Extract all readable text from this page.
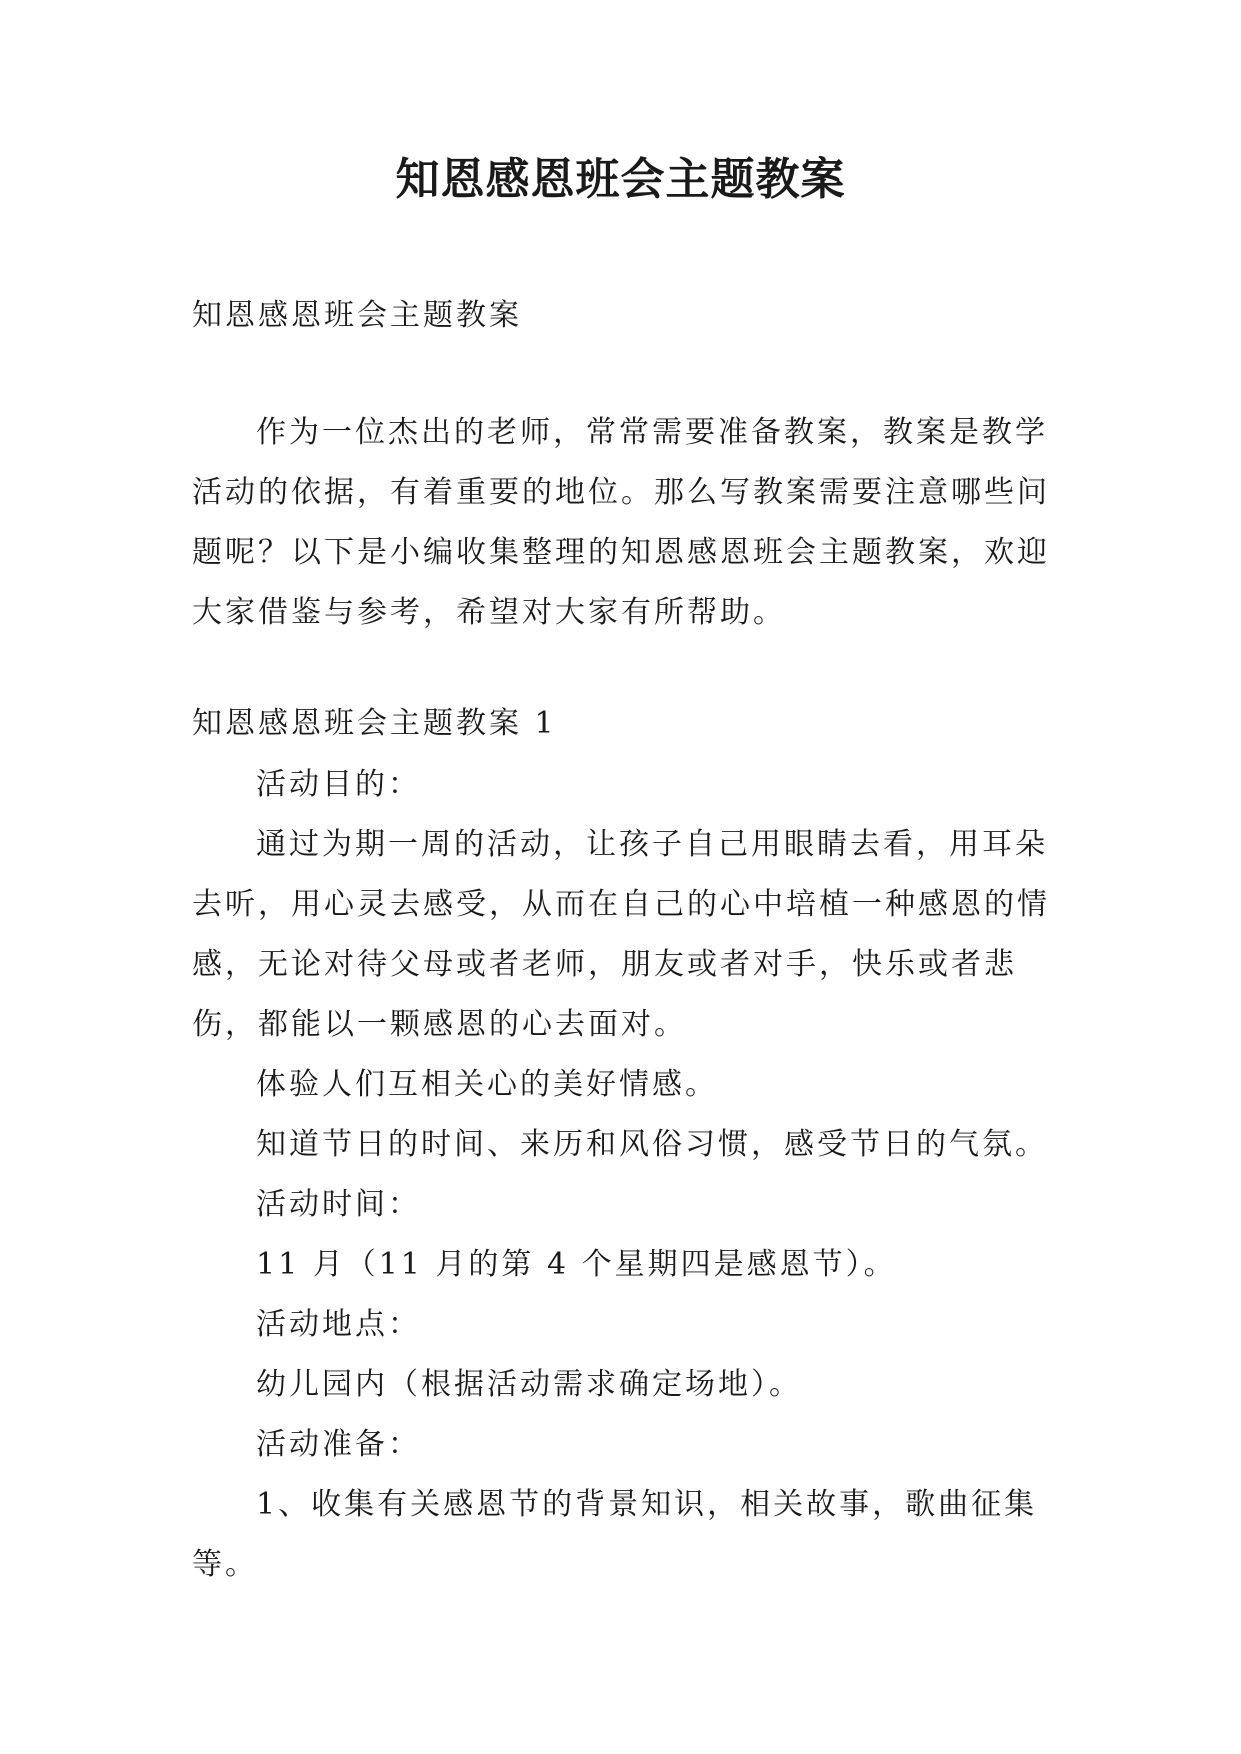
知恩感恩班会主题教案
知恩感恩班会主题教案
作为一位杰出的老师，常常需要准备教案，教案是教学活动的依据，有着重要的地位。那么写教案需要注意哪些问题呢？以下是小编收集整理的知恩感恩班会主题教案，欢迎大家借鉴与参考，希望对大家有所帮助。
知恩感恩班会主题教案 1

活动目的：

通过为期一周的活动，让孩子自己用眼睛去看，用耳朵去听，用心灵去感受，从而在自己的心中培植一种感恩的情感，无论对待父母或者老师，朋友或者对手，快乐或者悲伤，都能以一颗感恩的心去面对。

体验人们互相关心的美好情感。

知道节日的时间、来历和风俗习惯，感受节日的气氛。

活动时间：

11 月（11 月的第 4 个星期四是感恩节）。

活动地点：

幼儿园内（根据活动需求确定场地）。

活动准备：

1、收集有关感恩节的背景知识，相关故事，歌曲征集等。
